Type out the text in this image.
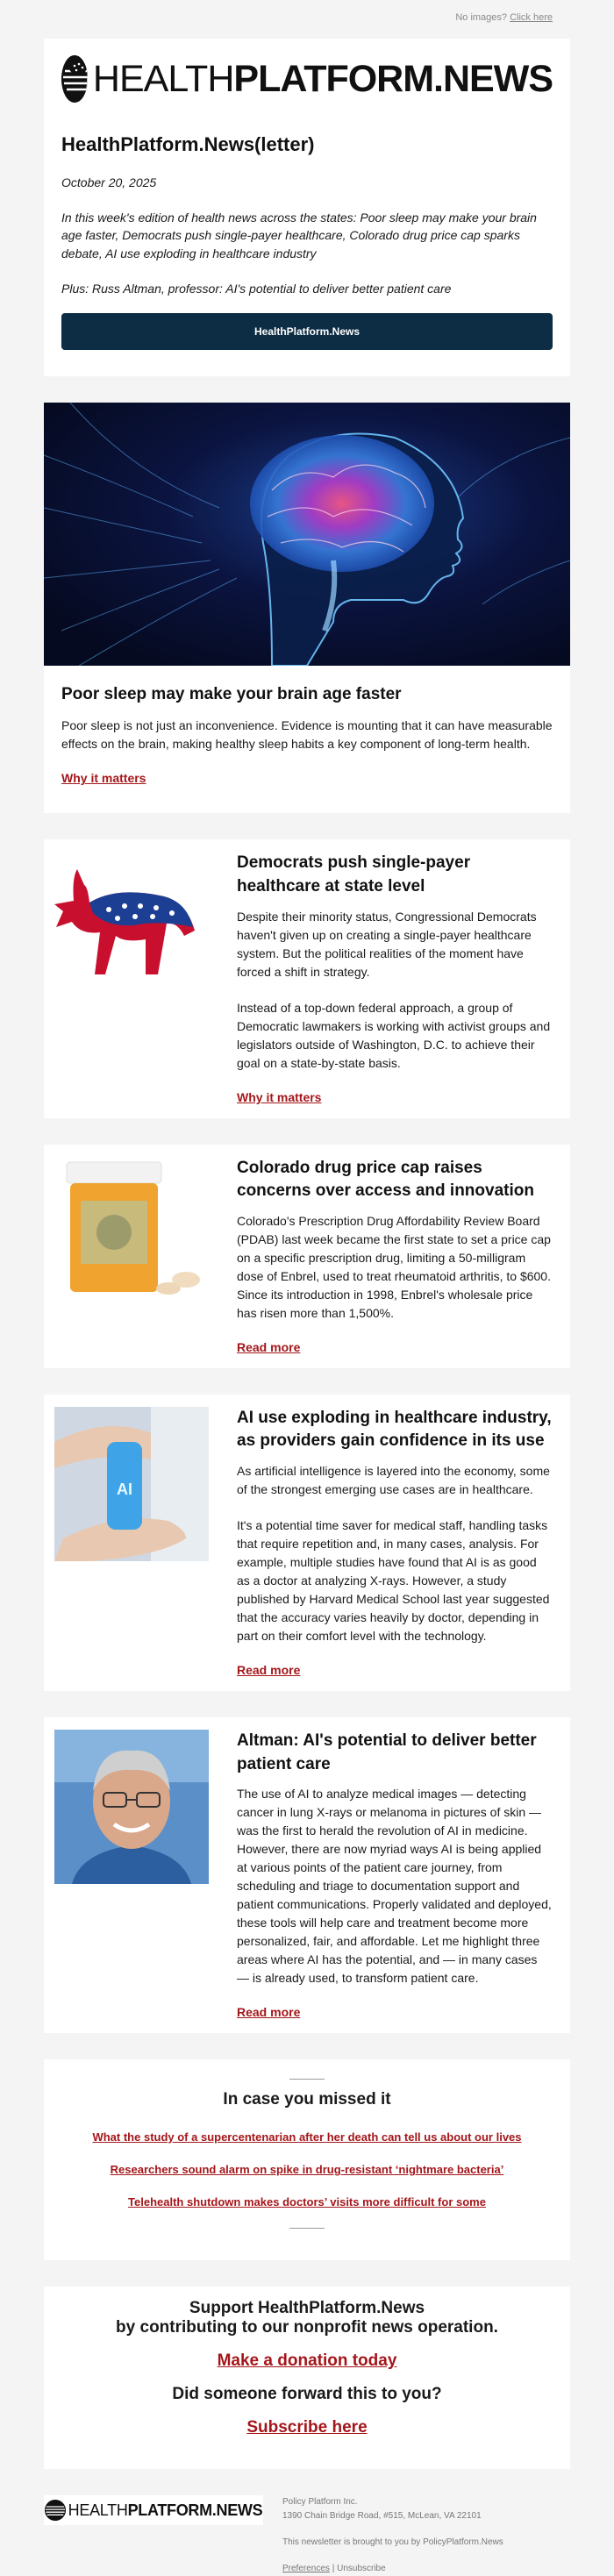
No images? Click here
HEALTHPLATFORM.NEWS
HealthPlatform.News(letter)
October 20, 2025
In this week's edition of health news across the states: Poor sleep may make your brain age faster, Democrats push single-payer healthcare, Colorado drug price cap sparks debate, AI use exploding in healthcare industry
Plus: Russ Altman, professor: AI's potential to deliver better patient care
HealthPlatform.News
Poor sleep may make your brain age faster

Poor sleep is not just an inconvenience. Evidence is mounting that it can have measurable effects on the brain, making healthy sleep habits a key component of long-term health.

Why it matters
Democrats push single-payer healthcare at state level

Despite their minority status, Congressional Democrats haven't given up on creating a single-payer healthcare system. But the political realities of the moment have forced a shift in strategy.

Instead of a top-down federal approach, a group of Democratic lawmakers is working with activist groups and legislators outside of Washington, D.C. to achieve their goal on a state-by-state basis.

Why it matters
Colorado drug price cap raises concerns over access and innovation

Colorado's Prescription Drug Affordability Review Board (PDAB) last week became the first state to set a price cap on a specific prescription drug, limiting a 50-milligram dose of Enbrel, used to treat rheumatoid arthritis, to $600. Since its introduction in 1998, Enbrel's wholesale price has risen more than 1,500%.

Read more
AI
AI use exploding in healthcare industry, as providers gain confidence in its use

As artificial intelligence is layered into the economy, some of the strongest emerging use cases are in healthcare.

It's a potential time saver for medical staff, handling tasks that require repetition and, in many cases, analysis. For example, multiple studies have found that AI is as good as a doctor at analyzing X-rays. However, a study published by Harvard Medical School last year suggested that the accuracy varies heavily by doctor, depending in part on their comfort level with the technology.

Read more
Altman: AI's potential to deliver better patient care

The use of AI to analyze medical images — detecting cancer in lung X-rays or melanoma in pictures of skin — was the first to herald the revolution of AI in medicine. However, there are now myriad ways AI is being applied at various points of the patient care journey, from scheduling and triage to documentation support and patient communications. Properly validated and deployed, these tools will help care and treatment become more personalized, fair, and affordable. Let me highlight three areas where AI has the potential, and — in many cases — is already used, to transform patient care.

Read more
In case you missed it
What the study of a supercentenarian after her death can tell us about our lives
Researchers sound alarm on spike in drug-resistant ‘nightmare bacteria’
Telehealth shutdown makes doctors’ visits more difficult for some
Support HealthPlatform.News
by contributing to our nonprofit news operation.
Make a donation today
Did someone forward this to you?
Subscribe here
HEALTHPLATFORM.NEWS Policy Platform Inc.
1390 Chain Bridge Road, #515, McLean, VA 22101
This newsletter is brought to you by PolicyPlatform.News
Preferences | Unsubscribe
